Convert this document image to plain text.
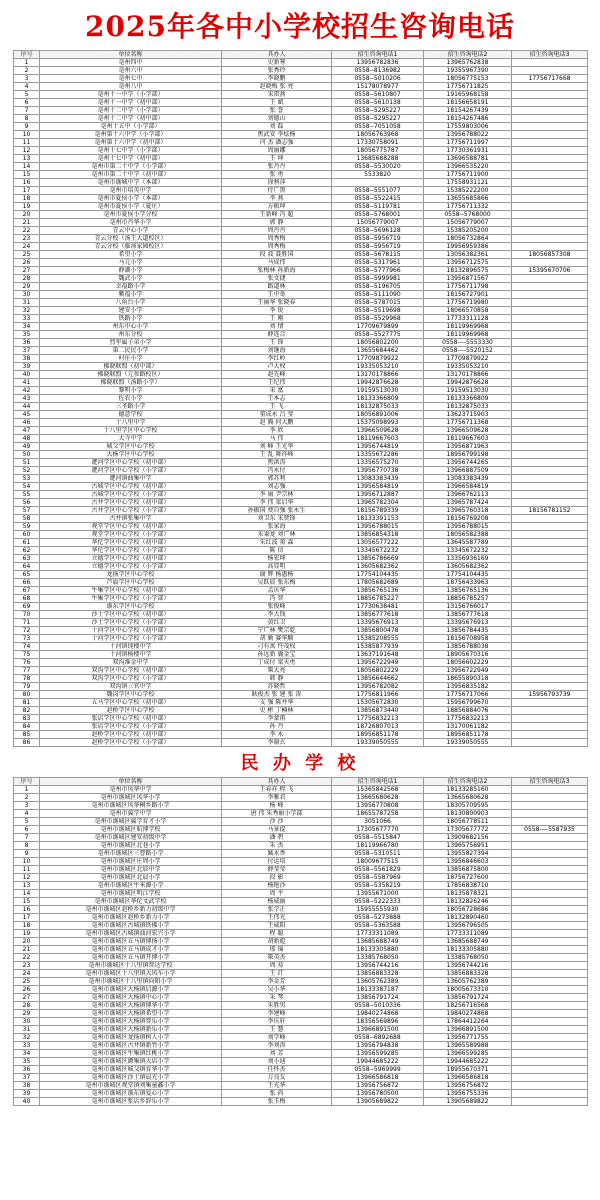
2025年各中小学校招生咨询电话
序号	单位名称	具办人	招生咨询电话1	招生咨询电话2	招生咨询电话3
1	亳州四中	史新謇	13956782836	13965762838	
2	亳州六中	张秀玲	0558--8136982	19355967390	
3	亳州七中	李晓鹏	0558--5010206	18056775153	17756717668
4	亳州八中	赵晓梅 张 亮	15178078977	17756711825	
5	亳州十一中学（小学部）	宋雷燕	0558--5610807	19165968158	
6	亳州十一中学（初中部）	王 斌	0558--5610138	18156658191	
7	亳州十二中学（小学部）	张 誉	0558--5295227	18154267439	
8	亳州十二中学（初中部）	刘德山	0558--5295227	18154267486	
9	亳州十五中（小学部）	刘 磊	0558--7051058	17559803006	
10	亳州第十六中学（小学部）	焦武安 李炫杨	18056763968	13956788022	
11	亳州第十六中学（初中部）	闫 杰 潘志强	17330758091	17756711997	
12	亳州十七中学（小学部）	周丽娜	18056775787	17730361931	
13	亳州十七中学（初中部）	王 坤	13685688288	13696588781	
14	亳州市第二十中学（小学部）	张丹丹	0558--5530020	13966535220	
15	亳州市第二十中学（初中部）	张 勇	5533820	17756711900	
16	亳州市谯城中学（本部）	徐利萍		17558931121	
17	亳州市培英中学	侍广黑	0558--5551077	15385222200	
18	亳州市夏侯小学（本部）	李 燕	0558--5522415	13655685866	
19	亳州市夏侯小学（夏庄）	方振坤	0558--5119781	17756711332	
20	亳州市夏侯小学分校	王新峰 冯 超	0558--5768001	0558--5768000	
21	亳州市丹华小学	郭 静	15056779007	15056779007	
22	青云中心小学	周丹丹	0558--5696128	15385205200	
23	青云分校（汤王大道校区）	周秀梅	0558--5956719	18056732864	
24	青云分校（临漳家园校区）	周秀梅	0558--5956719	19956959386	
25	希望小学	段 波 聂胜国	0558--5678115	13056382361	18056857308
26	马元小学	马成伟	0558--5317961	13956712575	
27	薛湖小学	张梅林 孙新海	0558--5777966	18132896575	15395670706
28	魏武小学	张文捷	0558--5999981	13956871567	
29	幸福路小学	路道林	0558--5196705	17756711798	
30	紫福小学	王中举	0558--5111090	18156727901	
31	八角台小学	王丽华 张晓春	0558--5787015	17756719980	
32	建安小学	李 锐	0558--5519698	18066570858	
33	铁路小学	王 刚	0558--5529968	17733311128	
34	州东中心小学	刘 情	17709679899	18119969968	
35	州东分校	薛连合	0558--5527775	18119969968	
36	烈军属子弟小学	王 锋	18056802200	0558----5553330	
37	第二民民小学	刘继海	13655684462	0558----5520152	
38	村庄小学	李红岭	17709879922	17709879922	
39	拂晓联盟（初中部）	卢大权	19335053210	19335053210	
40	拂晓联盟（元参路校区）	赵先峰	13170178866	13170178866	
41	拂晓联盟（汤路小学）	王纪伟	19942876628	19942876628	
42	黎明小学	宋 富	19159513030	19159513030	
43	佐农小学	王本志	18133366809	18133366809	
44	三圣路小学	王 飞	18132875033	18132875033	
45	德意学校	董成永 吕 莹	18056891006	13623715903	
46	十八里中学	赵 腾 何大鹏	15375098993	17756711368	
47	十八里学区中心学校	李 欣	13966509628	13966509628	
48	大寺中学	马 伟	18119667603	18119667603	
49	城父学区中心学校	刘 峰 王光华	13956744819	13956871963	
50	大杨学区中心学校	王 乱 舞祥峰	13355672286	18956799198	
51	淝河学区中心学校（初中部）	焦洪涛	13356575270	13956744265	
52	淝河学区中心学校（小学部）	冯永付	13956770738	13966887509	
53	淝河镇曲集中学	郭苏利	13083383439	13083383439	
54	古城学区中心学校（初中部）	刘志强	13956584819	13966584819	
55	古城学区中心学校（小学部）	李 丽 尹宗林	13956712887	13966762113	
56	古井学区中心学校（初中部）	李 伟 梁启华	13965782304	13965787424	
57	古井学区中心学校（小学部）	孙振国 费自强 张永生	18156789339	13965760318	18156781152
58	古井镇张集中学	刘卫东 宋贤锋	18133391153	18156769208	
59	观堂学区中心学校（初中部）	张家海	13956788015	13956788015	
60	观堂学区中心学校（小学部）	朱秉龙 刘广林	13856854318	18056582388	
61	华佗学区中心学校（初中部）	朱红波 董 森	13056577222	13645587789	
62	华佗学区中心学校（小学部）	陈 信	13345672232	13345672232	
63	立德学区中心学校（初中部）	杨宏坤	13856786669	13356936169	
64	立德学区中心学校（小学部）	高显明	13605682362	13605682362	
65	龙扬学区中心学校	谢 辉 杨惠杨	17754104435	17754104435	
66	芦庙学区中心学校	吴跃辰 张东梅	17805682689	18756433963	
67	牛集学区中心学校（初中部）	孟庆华	13856765136	13856765136	
68	牛集学区中心学校（小学部）	冯 智	18856785227	18856785257	
69	谯东学区中心学校	张俊峰	17730638481	13156766017	
70	沙土学区中心学校（初中部）	李大钱	13856777618	13856777618	
71	沙土学区中心学校（小学部）	黄红卫	13395676913	13395676913	
72	十河学区中心学校（初中部）	宁广林 樊宗乾	13856800478	13856784435	
73	十河学区中心学校（小学部）	胡 勤 赛华顺	15385208555	18156708958	
74	十河镇纯楼中学	刁有寓 仵茂权	15385877939	13856788038	
75	十河镇杨楼中学	孙远新 囊金宝	13637191648	18905670316	
76	双沟淮金中学	丁成付 梁天勇	13956722949	18056602229	
77	双沟学区中心学校（初中部）	柴大亮	18056802229	13956722949	
78	双沟学区中心学校（小学部）	韩 静	13856644662	18655890318	
79	双沟镇三官中学	苏晓哲	13956782082	13956835182	
80	魏岗学区中心学校	耿俊杰 张 建 张 涛	17756811966	17756717066	15956793739
81	五马学区中心学校（初中部）	支 强 陈井华	15305672830	15956799670	
82	赵桥学区中心学校	史 彬 丁楠林	13856873440	18856884076	
83	张店学区中心学校（初中部）	李蒙甫	17756832213	17756832213	
84	张店学区中心学校（小学部）	孙 丹	18726807013	13170061182	
85	赵桥学区中心学校（初中部）	李 永	18956851178	18956851178	
86	赵桥学区中心学校（小学部）	李谢玄	19339050555	19339050555	
民 办 学 校
序号	单位名称	具办人	招生咨询电话1	招生咨询电话2	招生咨询电话3
1	亳州市风华中学	王春祥 程 飞	15365842568	18133285160	
2	亳州市谯城区风华小学	李雅君	13665680628	13665680628	
3	亳州市谯城区风华桐乡路小学	杨 峰	13956770808	18305709595	
4	亳州市翼学中学	唐 伟 朱秀丽小学部	18655787258	18130800903	
5	亳州市谯城区翼学育才小学	沙 沙	3051066	18056778511	
6	亳州市谯城区航博学校	马景提	17305677770	17305677772	0558----5587935
7	亳州市谯城区建安初级中学	潘 碧	0558--5515847	13909682156	
8	亳州市谯城区北巷小学	朱 杰	18119966780	13965756951	
9	亳州市谯城区三曹路小学	臧永香	0558--5310511	13955827394	
10	亳州市谯城区庄周小学	付运培	18009677515	13956846603	
11	亳州市谯城区北辰中学	薛莹莹	0558--5561829	13856875800	
12	亳州市谯城区北晨小学	段 影	0558--5587969	18756727600	
13	亳州市谯城区牛米源小学	杨艳沙	0558--5358219	17856838710	
14	亳州市谯城区明江学校	周 平	13955671000	18135878321	
15	亳州市谯城区华佗文武学校	杨威丽	0558--5222333	18132826246	
16	亳州市谯城区赵桥乡新力初级中学	张学正	15955555930	18056728686	
17	亳州市谯城区赵桥乡新力小学	王伟光	0558--5273888	18132890460	
18	亳州市谯城区古城镇铁佛小学	王威阳	0558--5363588	13956796505	
19	亳州市谯城区古城镇油河宏兴小学	程 聪	17733311089	17733311089	
20	亳州市谯城区五马镇博扬小学	胡新彪	13685688749	13685688749	
21	亳州市谯城区五马镇成才小学	邢 锦	18133305880	18133305880	
22	亳州市谯城区五马镇开博小学	柴英杰	13385768050	13385768050	
23	亳州市谯城区十八里镇智达学校	周 易	13956744216	13956744216	
24	亳州市谯城区十八里镇大风车小学	王 玎	13856883328	13856883328	
25	亳州市谯城区十八里镇向阳小学	李金芳	13605762389	13605762389	
26	亳州市谯城区大杨镇启源小学	吴小华	18133387187	18005673310	
27	亳州市谯城区大杨镇中心小学	朱 琴	13856791724	13856791724	
28	亳州市谯城区大杨镇博华小学	朱胜男	0558--5010336	18256716568	
29	亳州市谯城区大杨镇希望小学	李建峰	19840274868	19840274868	
30	亳州市谯城区大杨镇智乐小学	李庆轩	18356569896	17864412264	
31	亳州市谯城区大杨镇新乐小学	王 慧	13966891500	13966891500	
32	亳州市谯城区龙扬镇树人小学	刘学峰	0558--6892688	13956771755	
33	亳州市谯城区古井镇新竹小学	李刘涛	13956794838	13965589988	
34	亳州市谯城区牛集镇红桃小学	刘 芳	13956599285	13966599285	
35	亳州市谯城区颜集镇大店小学	刘小迪	19944685222	19944685222	
36	亳州市谯城区城父镇育华小学	任怀杰	0558--5969999	18955670371	
37	亳州市谯城区沙土镇晨光小学	万良友	13966586818	13966586818	
38	亳州市谯城区观堂镇刘集童鑫小学	王光华	13956756872	13956756872	
39	亳州市谯城区谯东镇爱心小学	张 尚	13956780500	13956755336	
40	亳州市谯城区张店乡辞乐小学	张玉梅	13905689822	13905689822	
